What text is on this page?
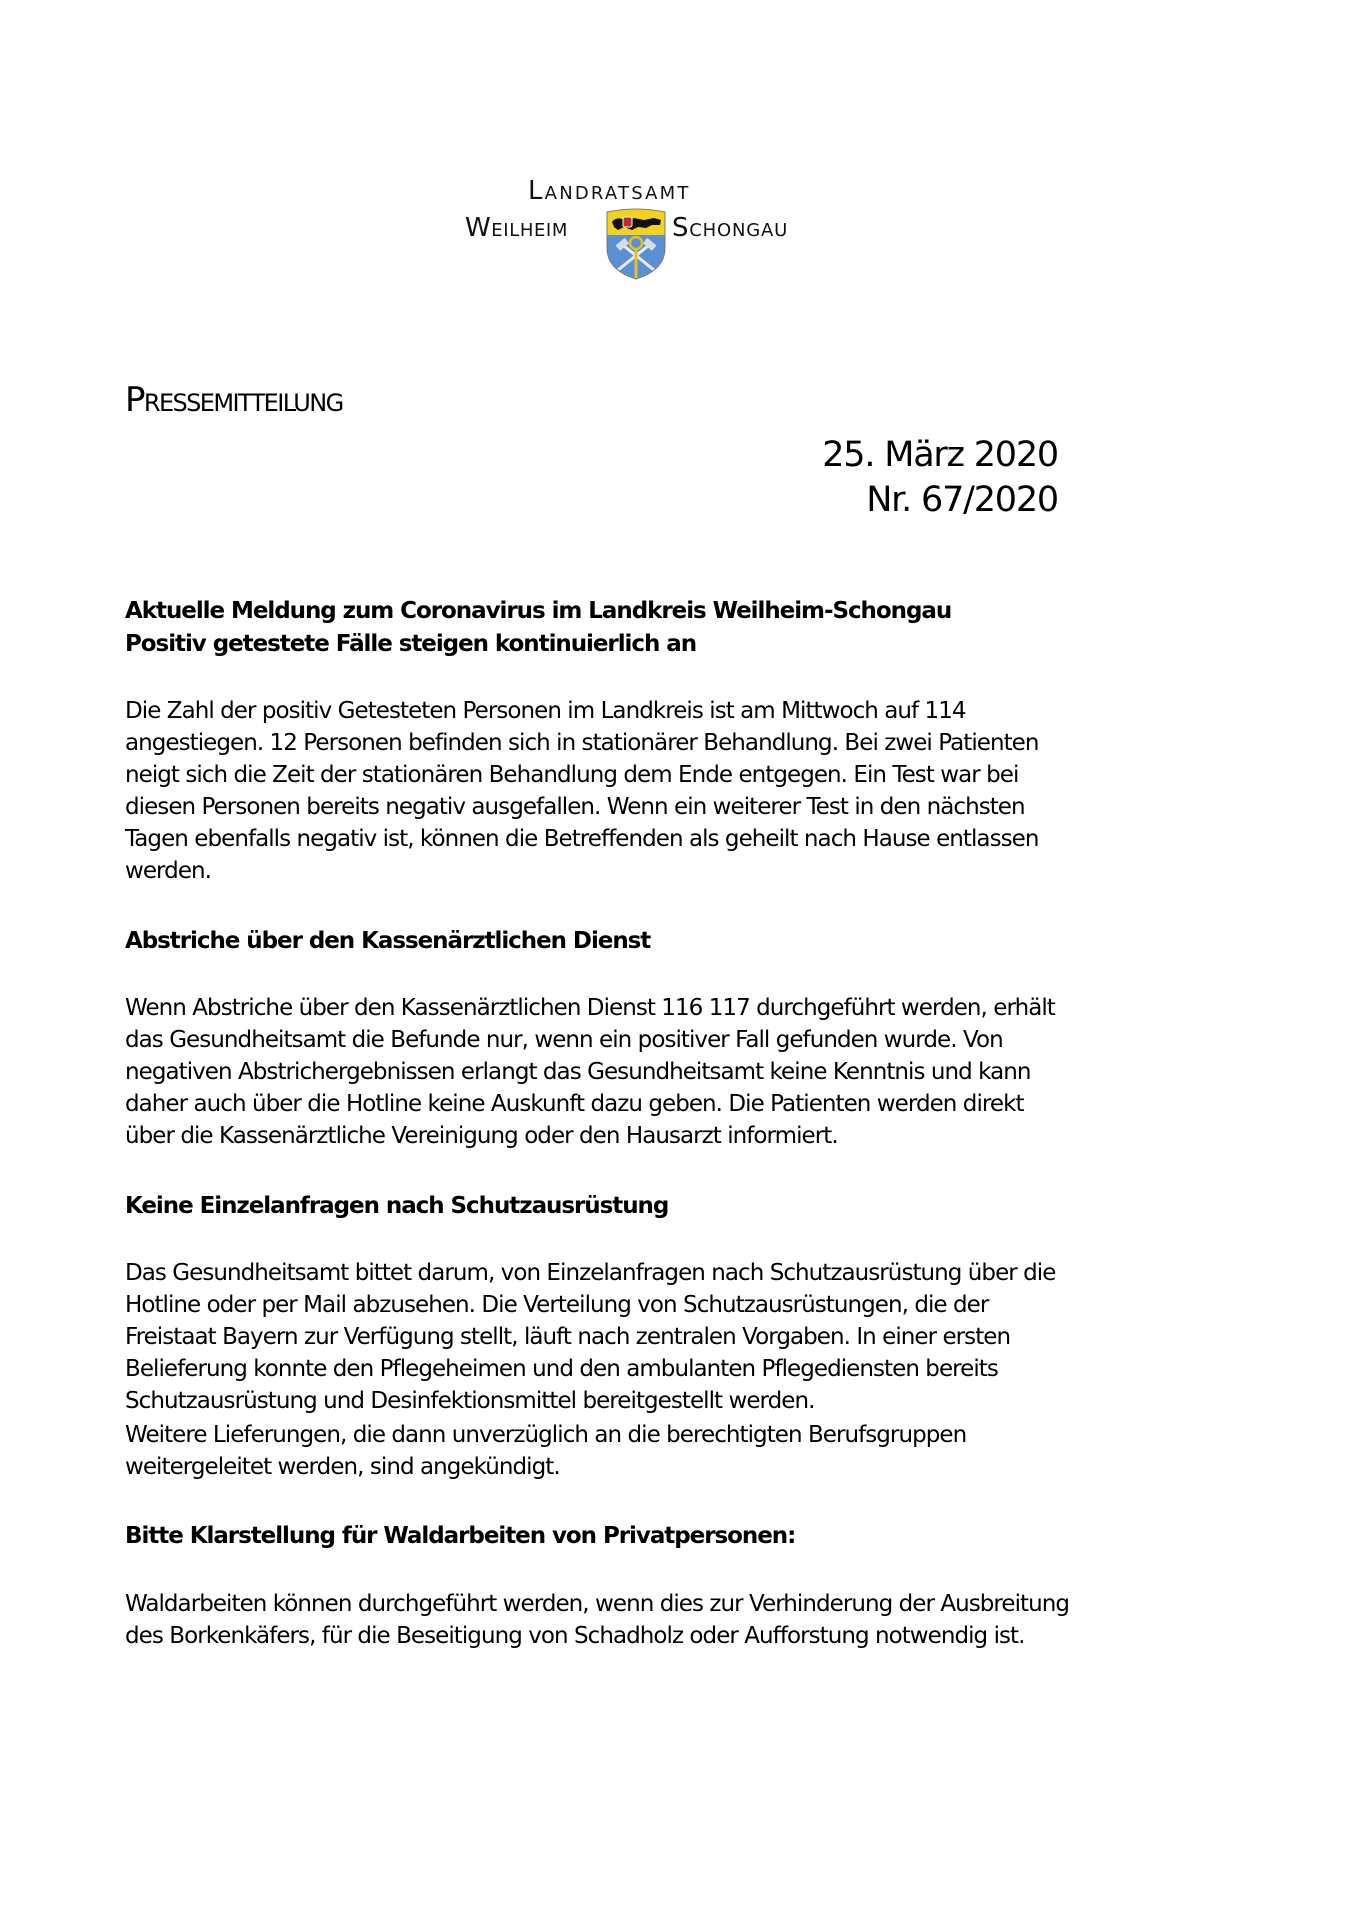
Landratsamt
Weilheim	Schongau
Pressemitteilung
25. März 2020
Nr. 67/2020
Aktuelle Meldung zum Coronavirus im Landkreis Weilheim-Schongau
Positiv getestete Fälle steigen kontinuierlich an
Die Zahl der positiv Getesteten Personen im Landkreis ist am Mittwoch auf 114
angestiegen. 12 Personen befinden sich in stationärer Behandlung. Bei zwei Patienten
neigt sich die Zeit der stationären Behandlung dem Ende entgegen. Ein Test war bei
diesen Personen bereits negativ ausgefallen. Wenn ein weiterer Test in den nächsten
Tagen ebenfalls negativ ist, können die Betreffenden als geheilt nach Hause entlassen
werden.
Abstriche über den Kassenärztlichen Dienst
Wenn Abstriche über den Kassenärztlichen Dienst 116 117 durchgeführt werden, erhält
das Gesundheitsamt die Befunde nur, wenn ein positiver Fall gefunden wurde. Von
negativen Abstrichergebnissen erlangt das Gesundheitsamt keine Kenntnis und kann
daher auch über die Hotline keine Auskunft dazu geben. Die Patienten werden direkt
über die Kassenärztliche Vereinigung oder den Hausarzt informiert.
Keine Einzelanfragen nach Schutzausrüstung
Das Gesundheitsamt bittet darum, von Einzelanfragen nach Schutzausrüstung über die
Hotline oder per Mail abzusehen. Die Verteilung von Schutzausrüstungen, die der
Freistaat Bayern zur Verfügung stellt, läuft nach zentralen Vorgaben. In einer ersten
Belieferung konnte den Pflegeheimen und den ambulanten Pflegediensten bereits
Schutzausrüstung und Desinfektionsmittel bereitgestellt werden.
Weitere Lieferungen, die dann unverzüglich an die berechtigten Berufsgruppen
weitergeleitet werden, sind angekündigt.
Bitte Klarstellung für Waldarbeiten von Privatpersonen:
Waldarbeiten können durchgeführt werden, wenn dies zur Verhinderung der Ausbreitung
des Borkenkäfers, für die Beseitigung von Schadholz oder Aufforstung notwendig ist.
